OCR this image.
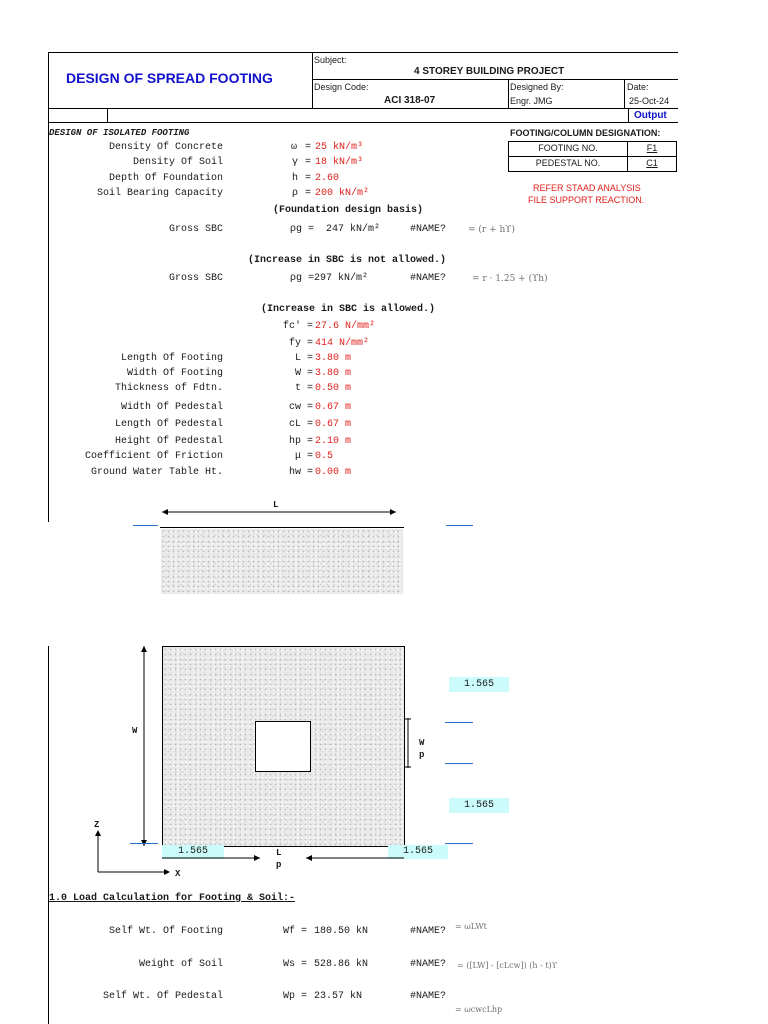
DESIGN OF SPREAD FOOTING
Subject:
4 STOREY BUILDING PROJECT
Design Code:
ACI 318-07
Designed By:
Engr. JMG
Date:
25-Oct-24
Output
DESIGN OF ISOLATED FOOTING	FOOTING/COLUMN DESIGNATION:
FOOTING NO.	F1
PEDESTAL NO.	C1
REFER STAAD ANALYSIS
FILE SUPPORT REACTION.
Density Of Concrete	ω = 25 kN/m³
Density Of Soil	γ = 18 kN/m³
Depth Of Foundation	h = 2.60
Soil Bearing Capacity	ρ = 200 kN/m²
(Foundation design basis)
Gross SBC	ρg = 247 kN/m²	#NAME? = (r + hϒ)
(Increase in SBC is not allowed.)
Gross SBC	ρg = 297 kN/m²	#NAME?	= r · 1.25 + (ϒh)
(Increase in SBC is allowed.)
fc' = 27.6 N/mm²
fy = 414 N/mm²
Length Of Footing	L = 3.80 m
Width Of Footing	W = 3.80 m
Thickness of Fdtn.	t = 0.50 m
Width Of Pedestal	cw = 0.67 m
Length Of Pedestal	cL = 0.67 m
Height Of Pedestal	hp = 2.10 m
Coefficient Of Friction	μ = 0.5
Ground Water Table Ht.	hw = 0.00 m
L
W
W
p
1.565
1.565
1.565	1.565
L
p
Z
X
1.0 Load Calculation for Footing & Soil:-
Self Wt. Of Footing	Wf = 180.50 kN	#NAME? = ωLWt
Weight of Soil	Ws = 528.86 kN	#NAME? = ([LW] - [cLcw]) (h - t)ϒ
Self Wt. Of Pedestal	Wp = 23.57 kN	#NAME?
= ωcwcLhp
